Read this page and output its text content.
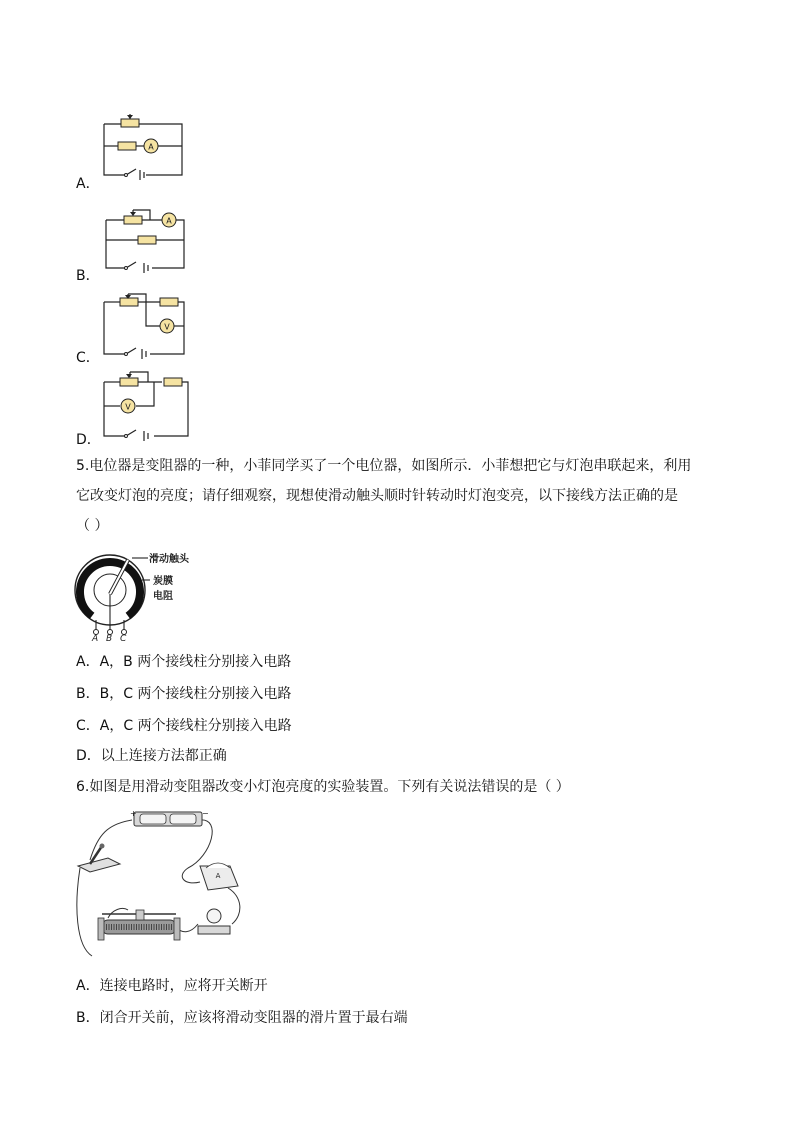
A．
A
B．
A
C．
V
D．
V
5.电位器是变阻器的一种，小菲同学买了一个电位器，如图所示．小菲想把它与灯泡串联起来，利用
它改变灯泡的亮度；请仔细观察，现想使滑动触头顺时针转动时灯泡变亮，以下接线方法正确的是
（ ）
滑动触头
炭膜
电阻
A B C
A．A，B 两个接线柱分别接入电路
B．B，C 两个接线柱分别接入电路
C．A，C 两个接线柱分别接入电路
D．以上连接方法都正确
6.如图是用滑动变阻器改变小灯泡亮度的实验装置。下列有关说法错误的是（ ）
+	−
A
A．连接电路时，应将开关断开
B．闭合开关前，应该将滑动变阻器的滑片置于最右端
